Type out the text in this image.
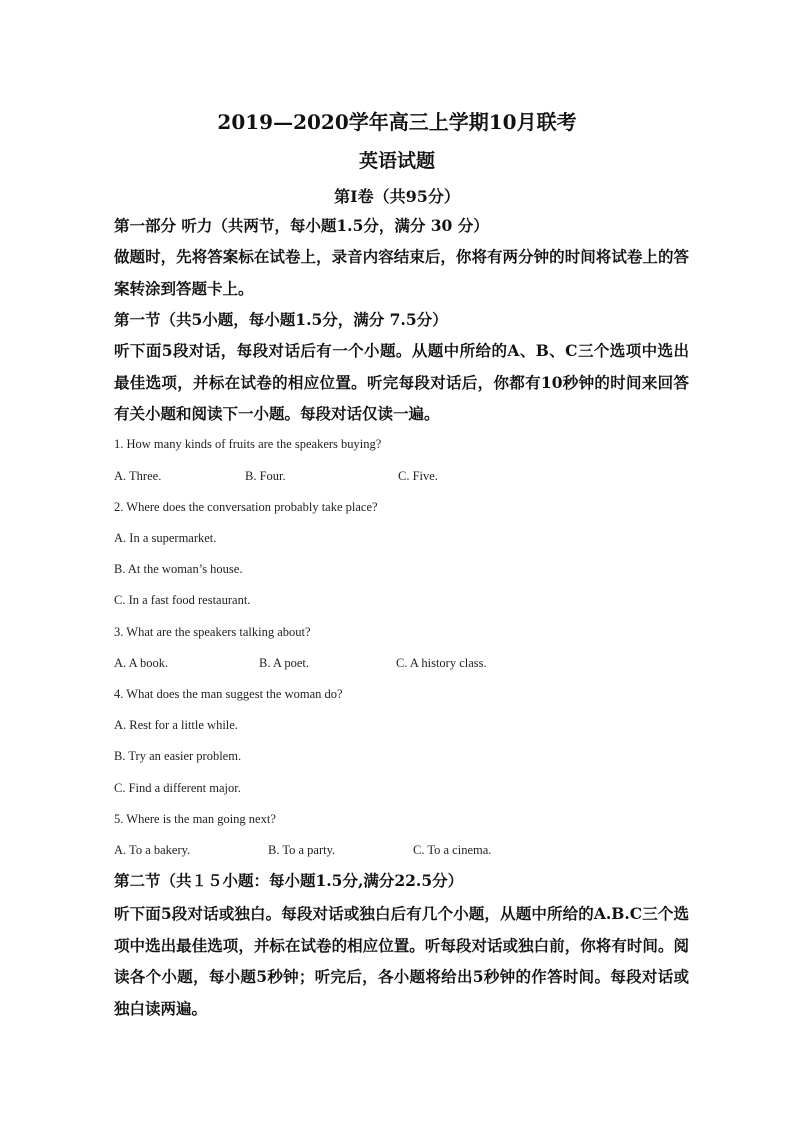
2019—2020学年高三上学期10月联考
英语试题
第I卷（共95分）
第一部分 听力（共两节，每小题1.5分，满分 30 分）
做题时，先将答案标在试卷上，录音内容结束后，你将有两分钟的时间将试卷上的答案转涂到答题卡上。
第一节（共5小题，每小题1.5分，满分 7.5分）
听下面5段对话，每段对话后有一个小题。从题中所给的A、B、C三个选项中选出最佳选项，并标在试卷的相应位置。听完每段对话后，你都有10秒钟的时间来回答有关小题和阅读下一小题。每段对话仅读一遍。
1. How many kinds of fruits are the speakers buying?
A. Three.	B. Four.	C. Five.
2. Where does the conversation probably take place?
A. In a supermarket.
B. At the woman’s house.
C. In a fast food restaurant.
3. What are the speakers talking about?
A. A book.	B. A poet.	C. A history class.
4. What does the man suggest the woman do?
A. Rest for a little while.
B. Try an easier problem.
C. Find a different major.
5. Where is the man going next?
A. To a bakery.	B. To a party.	C. To a cinema.
第二节（共１５小题：每小题1.5分,满分22.5分）
听下面5段对话或独白。每段对话或独白后有几个小题，从题中所给的A.B.C三个选项中选出最佳选项，并标在试卷的相应位置。听每段对话或独白前，你将有时间。阅读各个小题，每小题5秒钟；听完后，各小题将给出5秒钟的作答时间。每段对话或独白读两遍。
